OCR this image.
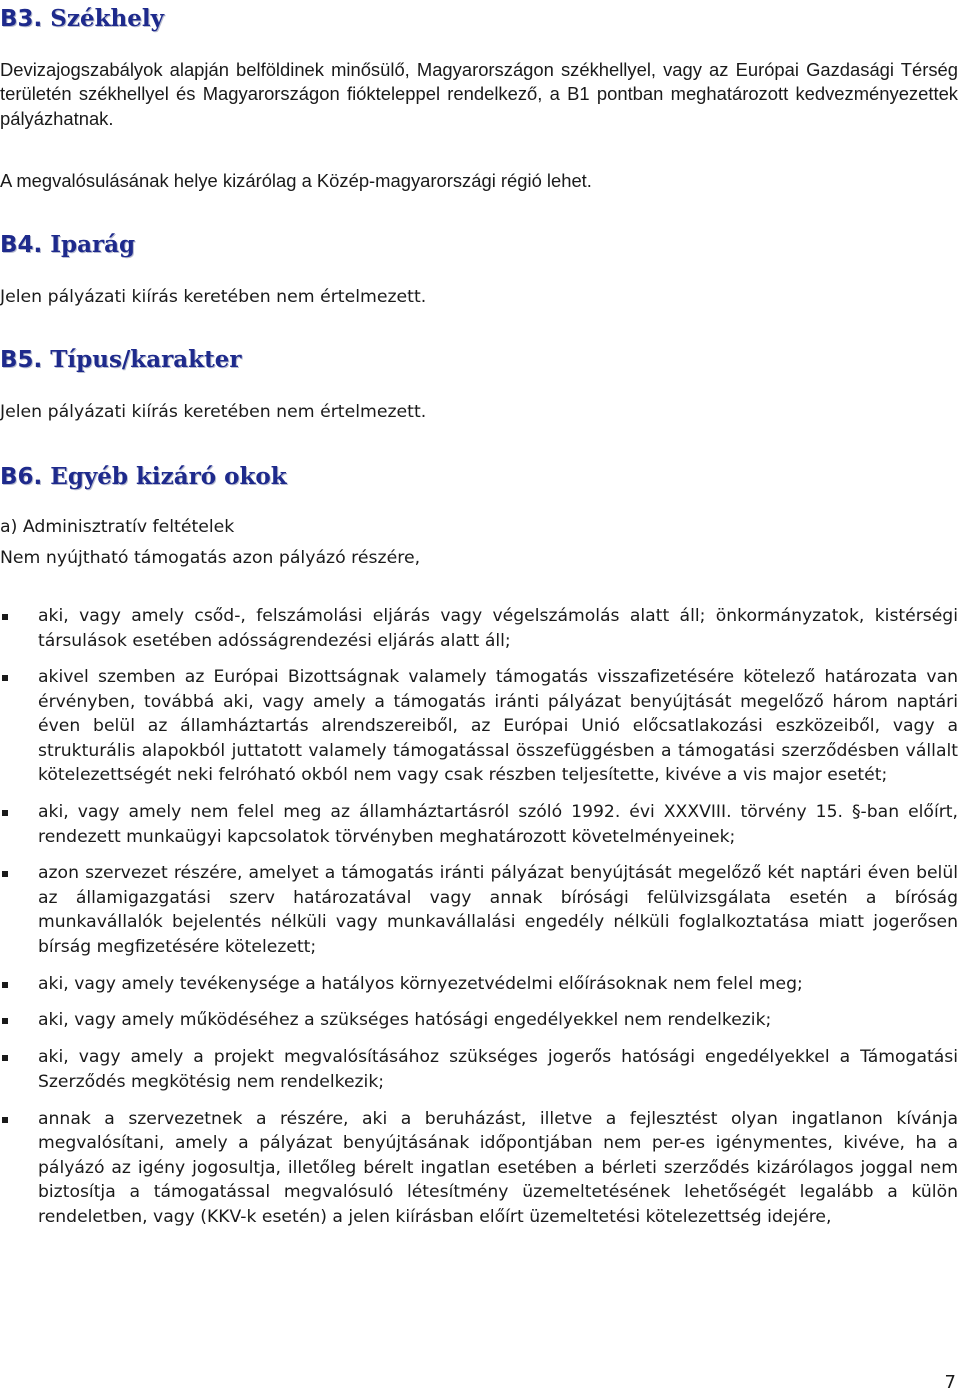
B3. Székhely

Devizajogszabályok alapján belföldinek minősülő, Magyarországon székhellyel, vagy az Európai Gazdasági Térség területén székhellyel és Magyarországon fiókteleppel rendelkező, a B1 pontban meghatározott kedvezményezettek pályázhatnak.

A megvalósulásának helye kizárólag a Közép-magyarországi régió lehet.

B4. Iparág

Jelen pályázati kiírás keretében nem értelmezett.

B5. Típus/karakter

Jelen pályázati kiírás keretében nem értelmezett.

B6. Egyéb kizáró okok

a) Adminisztratív feltételek

Nem nyújtható támogatás azon pályázó részére,

aki, vagy amely csőd-, felszámolási eljárás vagy végelszámolás alatt áll; önkormányzatok, kistérségi társulások esetében adósságrendezési eljárás alatt áll;
akivel szemben az Európai Bizottságnak valamely támogatás visszafizetésére kötelező határozata van érvényben, továbbá aki, vagy amely a támogatás iránti pályázat benyújtását megelőző három naptári éven belül az államháztartás alrendszereiből, az Európai Unió előcsatlakozási eszközeiből, vagy a strukturális alapokból juttatott valamely támogatással összefüggésben a támogatási szerződésben vállalt kötelezettségét neki felróható okból nem vagy csak részben teljesítette, kivéve a vis major esetét;
aki, vagy amely nem felel meg az államháztartásról szóló 1992. évi XXXVIII. törvény 15. §-ban előírt, rendezett munkaügyi kapcsolatok törvényben meghatározott követelményeinek;
azon szervezet részére, amelyet a támogatás iránti pályázat benyújtását megelőző két naptári éven belül az államigazgatási szerv határozatával vagy annak bírósági felülvizsgálata esetén a bíróság munkavállalók bejelentés nélküli vagy munkavállalási engedély nélküli foglalkoztatása miatt jogerősen bírság megfizetésére kötelezett;
aki, vagy amely tevékenysége a hatályos környezetvédelmi előírásoknak nem felel meg;
aki, vagy amely működéséhez a szükséges hatósági engedélyekkel nem rendelkezik;
aki, vagy amely a projekt megvalósításához szükséges jogerős hatósági engedélyekkel a Támogatási Szerződés megkötésig nem rendelkezik;
annak a szervezetnek a részére, aki a beruházást, illetve a fejlesztést olyan ingatlanon kívánja megvalósítani, amely a pályázat benyújtásának időpontjában nem per-es igénymentes, kivéve, ha a pályázó az igény jogosultja, illetőleg bérelt ingatlan esetében a bérleti szerződés kizárólagos joggal nem biztosítja a támogatással megvalósuló létesítmény üzemeltetésének lehetőségét legalább a külön rendeletben, vagy (KKV-k esetén) a jelen kiírásban előírt üzemeltetési kötelezettség idejére,
7
